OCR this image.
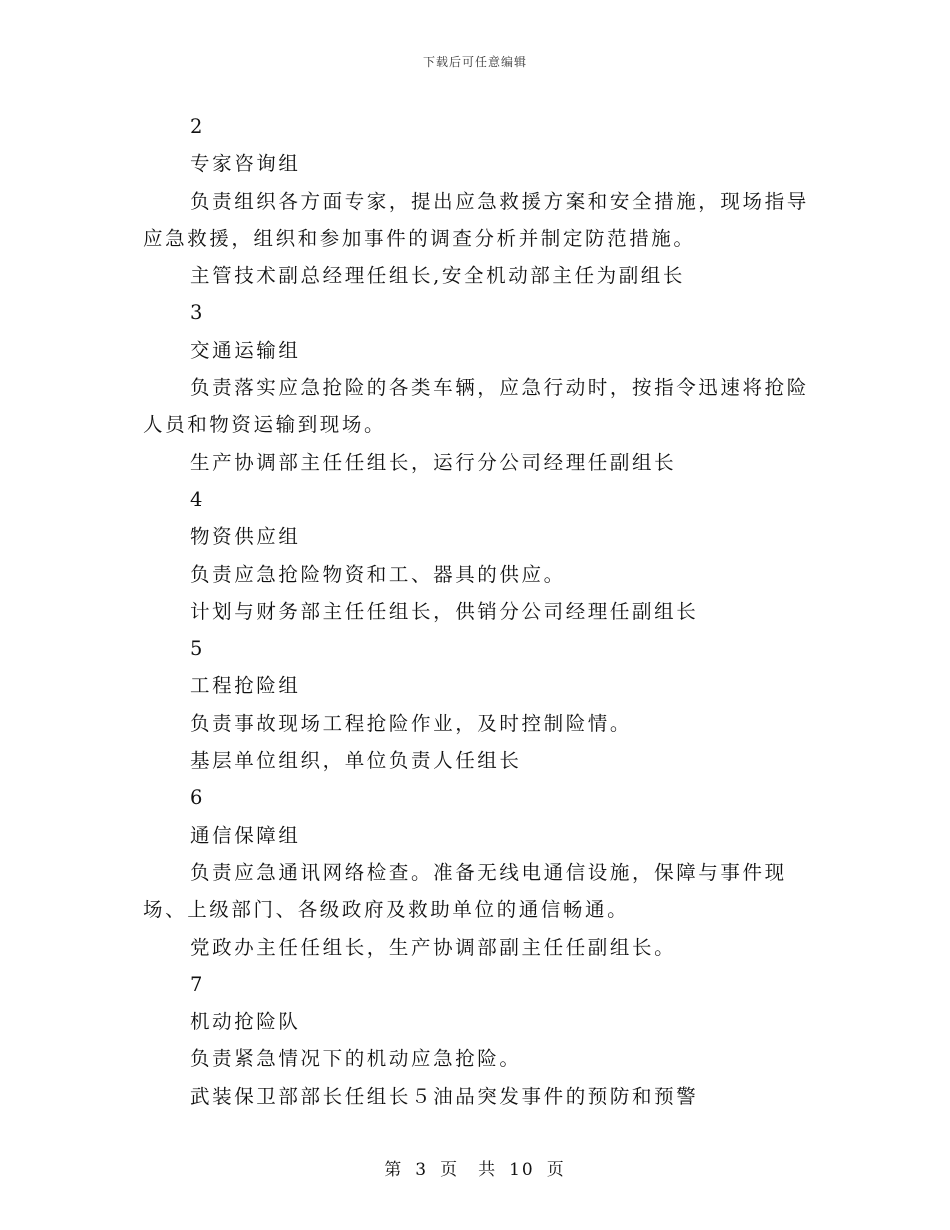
下载后可任意编辑

2

专家咨询组

负责组织各方面专家，提出应急救援方案和安全措施，现场指导应急救援，组织和参加事件的调查分析并制定防范措施。

主管技术副总经理任组长,安全机动部主任为副组长

3

交通运输组

负责落实应急抢险的各类车辆，应急行动时，按指令迅速将抢险人员和物资运输到现场。

生产协调部主任任组长，运行分公司经理任副组长

4

物资供应组

负责应急抢险物资和工、器具的供应。

计划与财务部主任任组长，供销分公司经理任副组长

5

工程抢险组

负责事故现场工程抢险作业，及时控制险情。

基层单位组织，单位负责人任组长

6

通信保障组

负责应急通讯网络检查。准备无线电通信设施，保障与事件现场、上级部门、各级政府及救助单位的通信畅通。

党政办主任任组长，生产协调部副主任任副组长。

7

机动抢险队

负责紧急情况下的机动应急抢险。

武装保卫部部长任组长５油品突发事件的预防和预警

第 3 页　共 10 页
